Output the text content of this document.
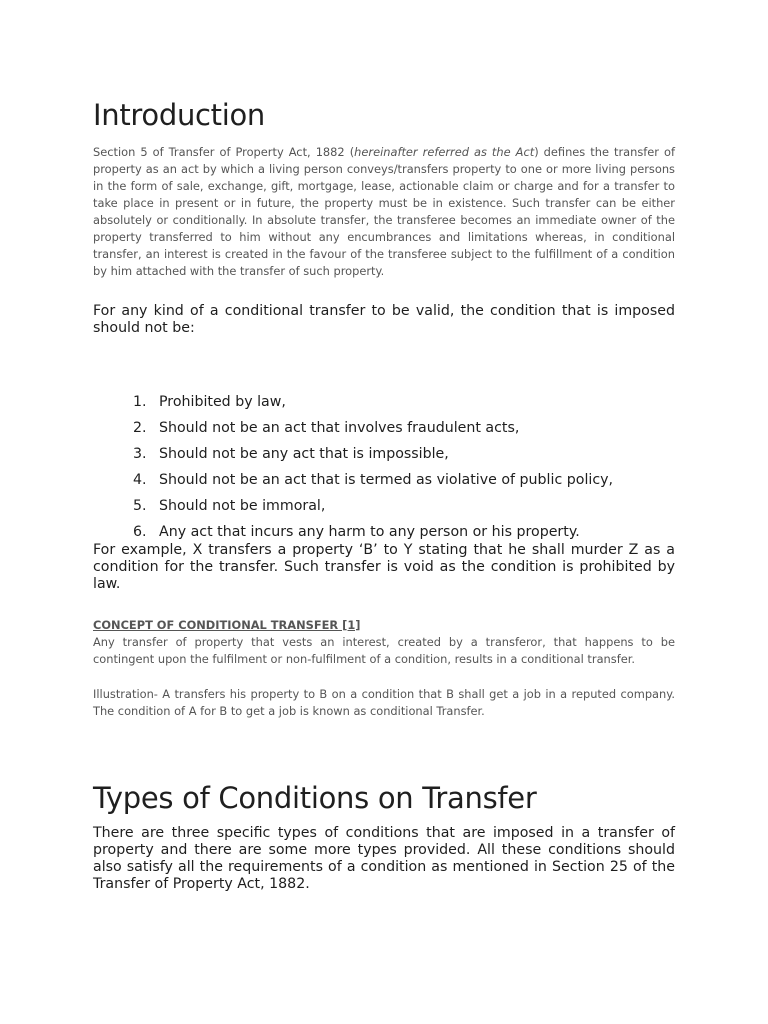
Introduction

Section 5 of Transfer of Property Act, 1882 (hereinafter referred as the Act) defines the transfer of property as an act by which a living person conveys/transfers property to one or more living persons in the form of sale, exchange, gift, mortgage, lease, actionable claim or charge and for a transfer to take place in present or in future, the property must be in existence. Such transfer can be either absolutely or conditionally. In absolute transfer, the transferee becomes an immediate owner of the property transferred to him without any encumbrances and limitations whereas, in conditional transfer, an interest is created in the favour of the transferee subject to the fulfillment of a condition by him attached with the transfer of such property.

For any kind of a conditional transfer to be valid, the condition that is imposed should not be:

1. Prohibited by law,
2. Should not be an act that involves fraudulent acts,
3. Should not be any act that is impossible,
4. Should not be an act that is termed as violative of public policy,
5. Should not be immoral,
6. Any act that incurs any harm to any person or his property.

For example, X transfers a property ‘B’ to Y stating that he shall murder Z as a condition for the transfer. Such transfer is void as the condition is prohibited by law.

CONCEPT OF CONDITIONAL TRANSFER [1]

Any transfer of property that vests an interest, created by a transferor, that happens to be contingent upon the fulfilment or non-fulfilment of a condition, results in a conditional transfer.

Illustration- A transfers his property to B on a condition that B shall get a job in a reputed company. The condition of A for B to get a job is known as conditional Transfer.

Types of Conditions on Transfer

There are three specific types of conditions that are imposed in a transfer of property and there are some more types provided. All these conditions should also satisfy all the requirements of a condition as mentioned in Section 25 of the Transfer of Property Act, 1882.
